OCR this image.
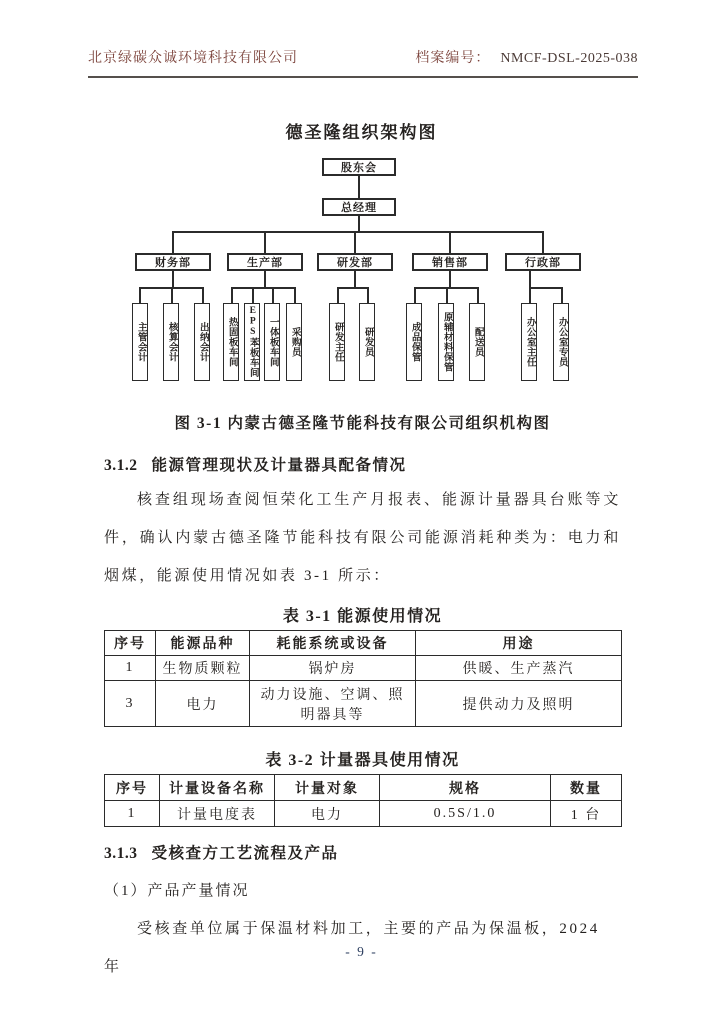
北京绿碳众诚环境科技有限公司	档案编号： NMCF-DSL-2025-038
德圣隆组织架构图
股东会
总经理
财务部	生产部	研发部	销售部	行政部
主管会计	核算会计	出纳会计	热固板车间	EPS苯板车间	一体板车间	采购员	研发主任	研发员	成品保管	原辅材料保管	配送员	办公室主任	办公室专员
图 3-1 内蒙古德圣隆节能科技有限公司组织机构图
3.1.2 能源管理现状及计量器具配备情况
核查组现场查阅恒荣化工生产月报表、能源计量器具台账等文件，确认内蒙古德圣隆节能科技有限公司能源消耗种类为：电力和烟煤，能源使用情况如表 3-1 所示：
表 3-1 能源使用情况
序号	能源品种	耗能系统或设备	用途
1	生物质颗粒	锅炉房	供暖、生产蒸汽
3	电力	动力设施、空调、照明器具等	提供动力及照明
表 3-2 计量器具使用情况
序号	计量设备名称	计量对象	规格	数量
1	计量电度表	电力	0.5S/1.0	1 台
3.1.3 受核查方工艺流程及产品
（1）产品产量情况
受核查单位属于保温材料加工，主要的产品为保温板，2024 年
- 9 -
